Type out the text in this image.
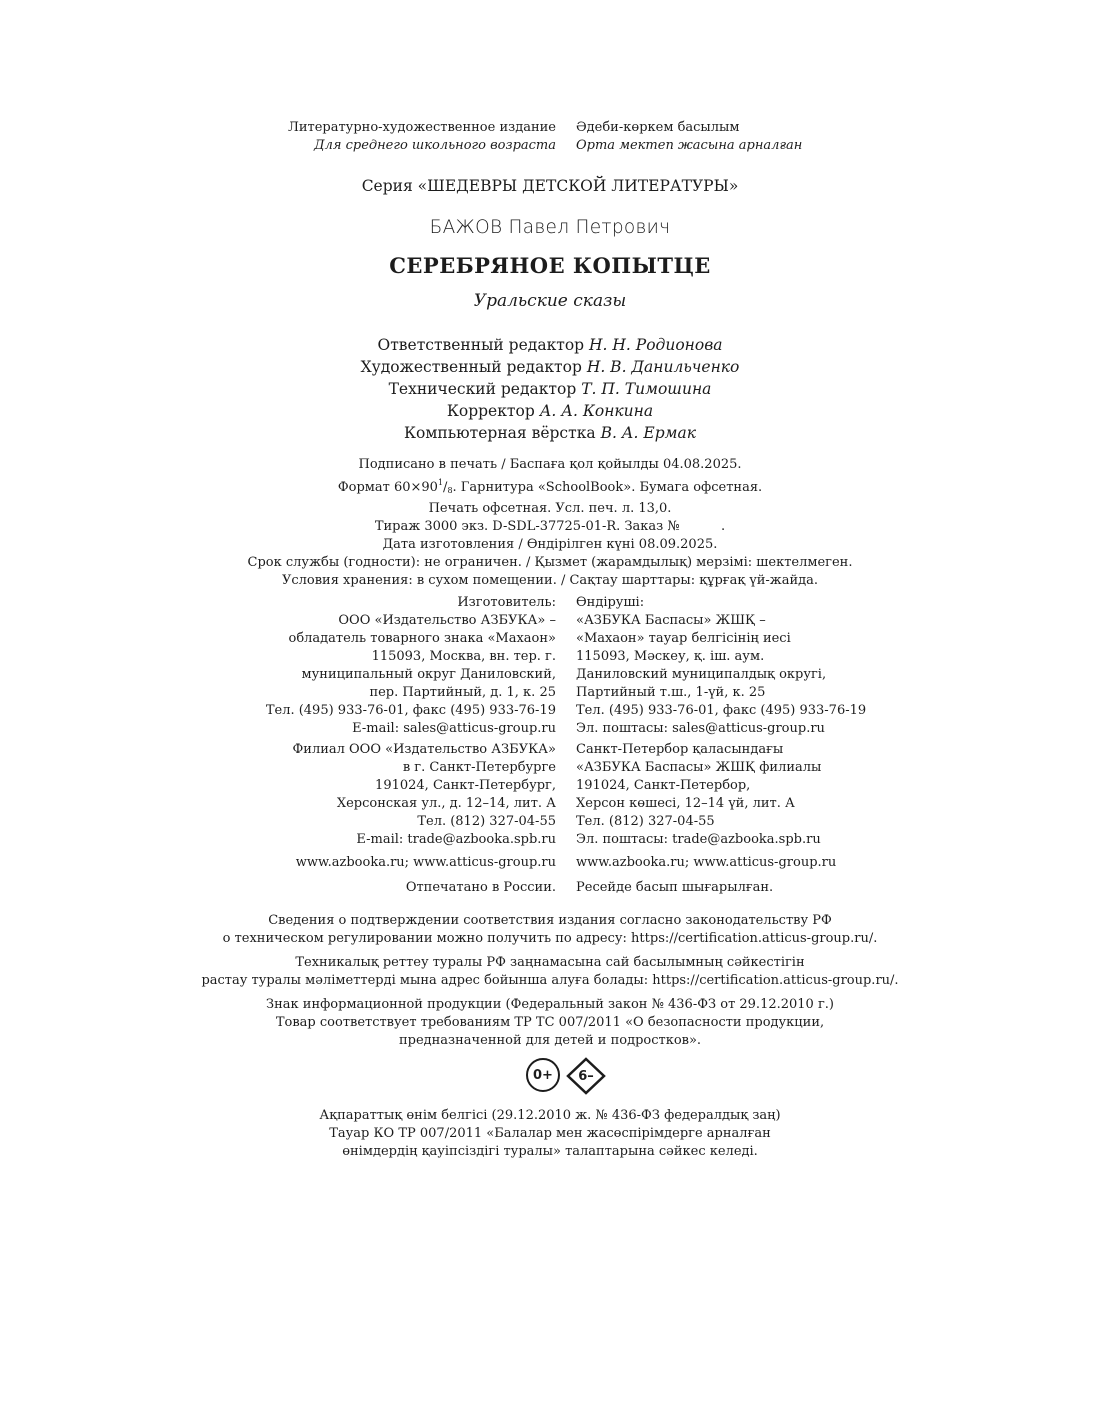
Литературно-художественное издание Әдеби-көркем басылым
Для среднего школьного возраста Орта мектеп жасына арналған
Серия «ШЕДЕВРЫ ДЕТСКОЙ ЛИТЕРАТУРЫ»
БАЖОВ Павел Петрович
СЕРЕБРЯНОЕ КОПЫТЦЕ
Уральские сказы
Ответственный редактор Н. Н. Родионова
Художественный редактор Н. В. Данильченко
Технический редактор Т. П. Тимошина
Корректор А. А. Конкина
Компьютерная вёрстка В. А. Ермак
Подписано в печать / Баспаға қол қойылды 04.08.2025.
Формат $60\times 90^1/_8$. Гарнитура «SchoolBook». Бумага офсетная.
Печать офсетная. Усл. печ. л. 13,0.
Тираж 3000 экз. D-SDL-37725-01-R. Заказ №          .
Дата изготовления / Өндірілген күні 08.09.2025.
Срок службы (годности): не ограничен. / Қызмет (жарамдылық) мерзімі: шектелмеген.
Условия хранения: в сухом помещении. / Сақтау шарттары: құрғақ үй-жайда.
Изготовитель: Өндіруші:
ООО «Издательство АЗБУКА» – «АЗБУКА Баспасы» ЖШҚ –
обладатель товарного знака «Махаон» «Махаон» тауар белгісінің иесі
115093, Москва, вн. тер. г. 115093, Мәскеу, қ. іш. аум.
муниципальный округ Даниловский, Даниловский муниципалдық округі,
пер. Партийный, д. 1, к. 25 Партийный т.ш., 1-үй, к. 25
Тел. (495) 933-76-01, факс (495) 933-76-19 Тел. (495) 933-76-01, факс (495) 933-76-19
E-mail: sales@atticus-group.ru Эл. поштасы: sales@atticus-group.ru
Филиал ООО «Издательство АЗБУКА» Санкт-Петербор қаласындағы
в г. Санкт-Петербурге «АЗБУКА Баспасы» ЖШҚ филиалы
191024, Санкт-Петербург, 191024, Санкт-Петербор,
Херсонская ул., д. 12–14, лит. А Херсон көшесі, 12–14 үй, лит. А
Тел. (812) 327-04-55 Тел. (812) 327-04-55
E-mail: trade@azbooka.spb.ru Эл. поштасы: trade@azbooka.spb.ru
www.azbooka.ru; www.atticus-group.ru www.azbooka.ru; www.atticus-group.ru
Отпечатано в России. Ресейде басып шығарылған.
Сведения о подтверждении соответствия издания согласно законодательству РФ
о техническом регулировании можно получить по адресу: https://certification.atticus-group.ru/.
Техникалық реттеу туралы РФ заңнамасына сай басылымның сәйкестігін
растау туралы мәліметтерді мына адрес бойынша алуға болады: https://certification.atticus-group.ru/.
Знак информационной продукции (Федеральный закон № 436-ФЗ от 29.12.2010 г.)
Товар соответствует требованиям ТР ТС 007/2011 «О безопасности продукции,
предназначенной для детей и подростков».
0+	6–
Ақпараттық өнім белгісі (29.12.2010 ж. № 436-ФЗ федералдық заң)
Тауар КО ТР 007/2011 «Балалар мен жасөспірімдерге арналған
өнімдердің қауіпсіздігі туралы» талаптарына сәйкес келеді.
